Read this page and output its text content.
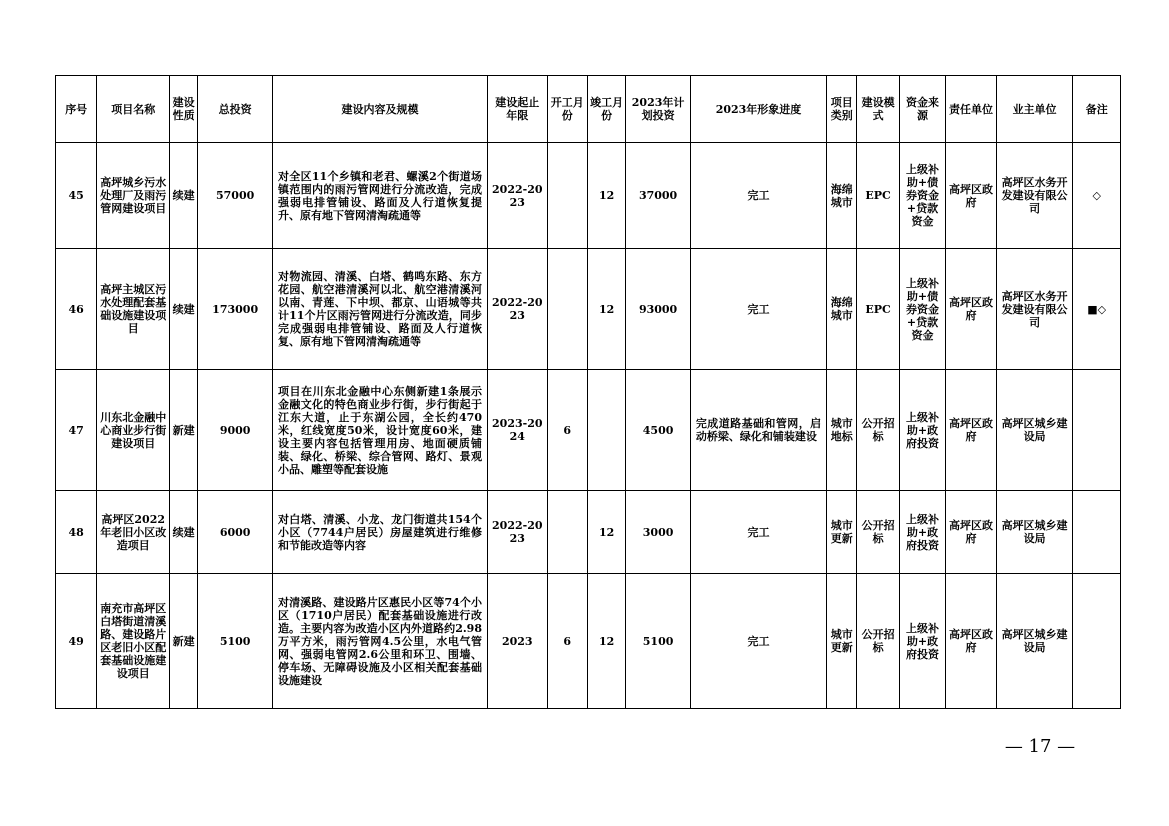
序号	项目名称	建设性质	总投资	建设内容及规模	建设起止年限	开工月份	竣工月份	2023年计划投资	2023年形象进度	项目类别	建设模式	资金来源	责任单位	业主单位	备注
45	高坪城乡污水处理厂及雨污管网建设项目	续建	57000	对全区11个乡镇和老君、螺溪2个街道场镇范围内的雨污管网进行分流改造，完成强弱电排管铺设、路面及人行道恢复提升、原有地下管网清淘疏通等	2022-2023		12	37000	完工	海绵城市	EPC	上级补助+债券资金+贷款资金	高坪区政府	高坪区水务开发建设有限公司	◇
46	高坪主城区污水处理配套基础设施建设项目	续建	173000	对物流园、清溪、白塔、鹤鸣东路、东方花园、航空港清溪河以北、航空港清溪河以南、青莲、下中坝、都京、山语城等共计11个片区雨污管网进行分流改造，同步完成强弱电排管铺设、路面及人行道恢复、原有地下管网清淘疏通等	2022-2023		12	93000	完工	海绵城市	EPC	上级补助+债券资金+贷款资金	高坪区政府	高坪区水务开发建设有限公司	■◇
47	川东北金融中心商业步行街建设项目	新建	9000	项目在川东北金融中心东侧新建1条展示金融文化的特色商业步行街，步行街起于江东大道，止于东湖公园，全长约470米，红线宽度50米，设计宽度60米，建设主要内容包括管理用房、地面硬质铺装、绿化、桥梁、综合管网、路灯、景观小品、雕塑等配套设施	2023-2024	6		4500	完成道路基础和管网，启动桥梁、绿化和铺装建设	城市地标	公开招标	上级补助+政府投资	高坪区政府	高坪区城乡建设局	
48	高坪区2022年老旧小区改造项目	续建	6000	对白塔、清溪、小龙、龙门街道共154个小区（7744户居民）房屋建筑进行维修和节能改造等内容	2022-2023		12	3000	完工	城市更新	公开招标	上级补助+政府投资	高坪区政府	高坪区城乡建设局	
49	南充市高坪区白塔街道清溪路、建设路片区老旧小区配套基础设施建设项目	新建	5100	对清溪路、建设路片区惠民小区等74个小区（1710户居民）配套基础设施进行改造。主要内容为改造小区内外道路约2.98万平方米，雨污管网4.5公里，水电气管网、强弱电管网2.6公里和环卫、围墙、停车场、无障碍设施及小区相关配套基础设施建设	2023	6	12	5100	完工	城市更新	公开招标	上级补助+政府投资	高坪区政府	高坪区城乡建设局	
— 17 —
